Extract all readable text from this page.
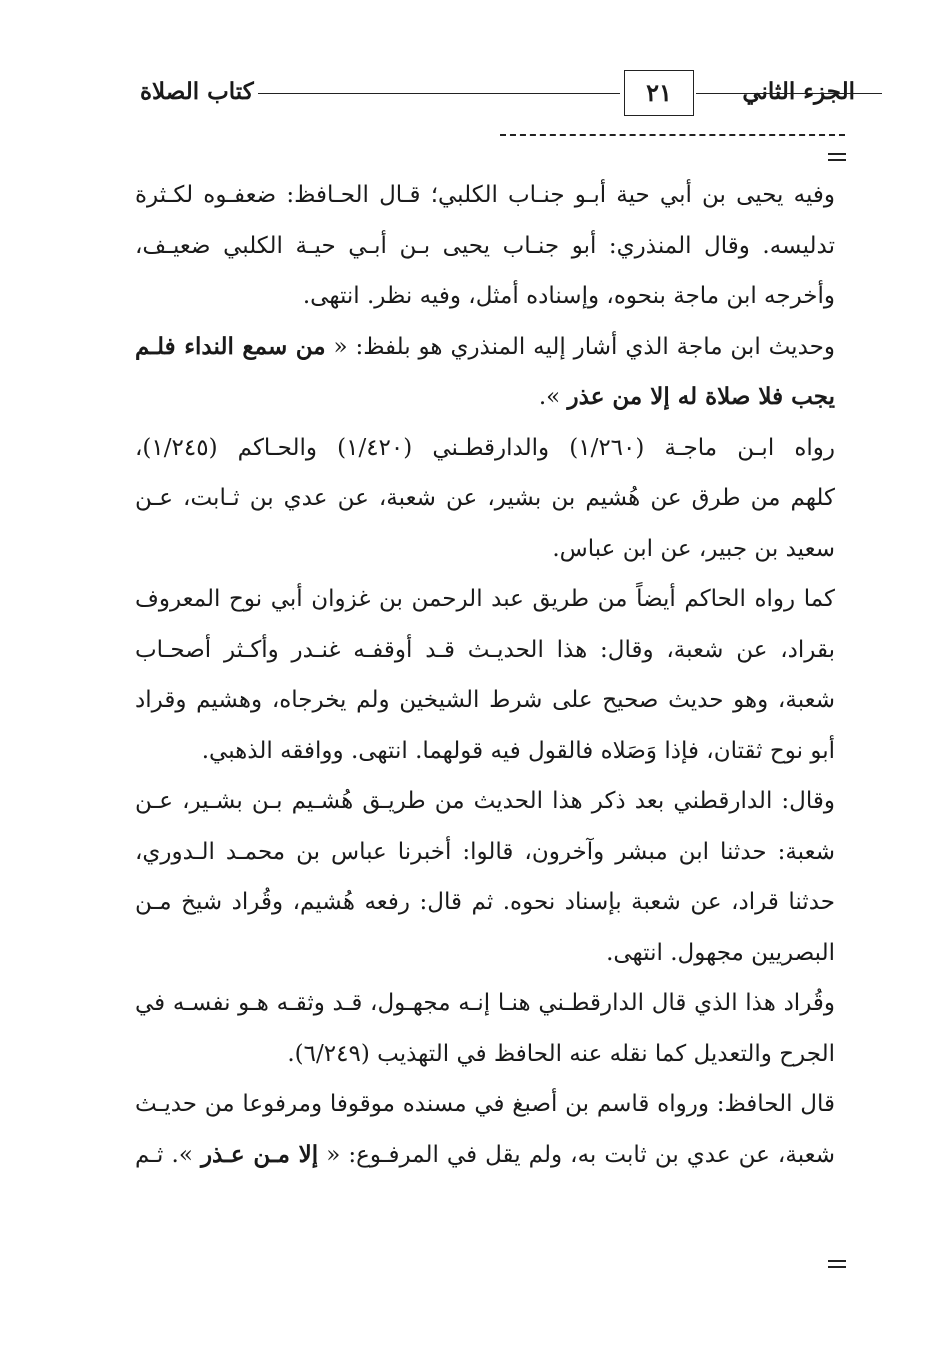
الجزء الثاني
٢١
كتاب الصلاة
وفيه يحيى بن أبي حية أبـو جنـاب الكلبي؛ قـال الحـافظ: ضعفـوه لكـثرة
تدليسه. وقال المنذري: أبو جنـاب يحيى بـن أبـي حيـة الكلبي ضعيـف،
وأخرجه ابن ماجة بنحوه، وإسناده أمثل، وفيه نظر. انتهى.
وحديث ابن ماجة الذي أشار إليه المنذري هو بلفظ: « من سمع النداء فلـم
يجب فلا صلاة له إلا من عذر ».
رواه ابـن ماجـة (١/٢٦٠) والدارقطـني (١/٤٢٠) والحـاكم (١/٢٤٥)،
كلهم من طرق عن هُشيم بن بشير، عن شعبة، عن عدي بن ثـابت، عـن
سعيد بن جبير، عن ابن عباس.
كما رواه الحاكم أيضاً من طريق عبد الرحمن بن غزوان أبي نوح المعروف
بقراد، عن شعبة، وقال: هذا الحديـث قـد أوقفـه غنـدر وأكـثر أصحـاب
شعبة، وهو حديث صحيح على شرط الشيخين ولم يخرجاه، وهشيم وقراد
أبو نوح ثقتان، فإذا وَصَلاه فالقول فيه قولهما. انتهى. ووافقه الذهبي.
وقال: الدارقطني بعد ذكر هذا الحديث من طريـق هُشـيم بـن بشـير، عـن
شعبة: حدثنا ابن مبشر وآخرون، قالوا: أخبرنا عباس بن محمـد الـدوري،
حدثنا قراد، عن شعبة بإسناد نحوه. ثم قال: رفعه هُشيم، وقُراد شيخ مـن
البصريين مجهول. انتهى.
وقُراد هذا الذي قال الدارقطـني هنـا إنـه مجهـول، قـد وثقـه هـو نفسـه في
الجرح والتعديل كما نقله عنه الحافظ في التهذيب (٦/٢٤٩).
قال الحافظ: ورواه قاسم بن أصبغ في مسنده موقوفا ومرفوعا من حديـث
شعبة، عن عدي بن ثابت به، ولم يقل في المرفـوع: « إلا مـن عـذر ». ثـم
